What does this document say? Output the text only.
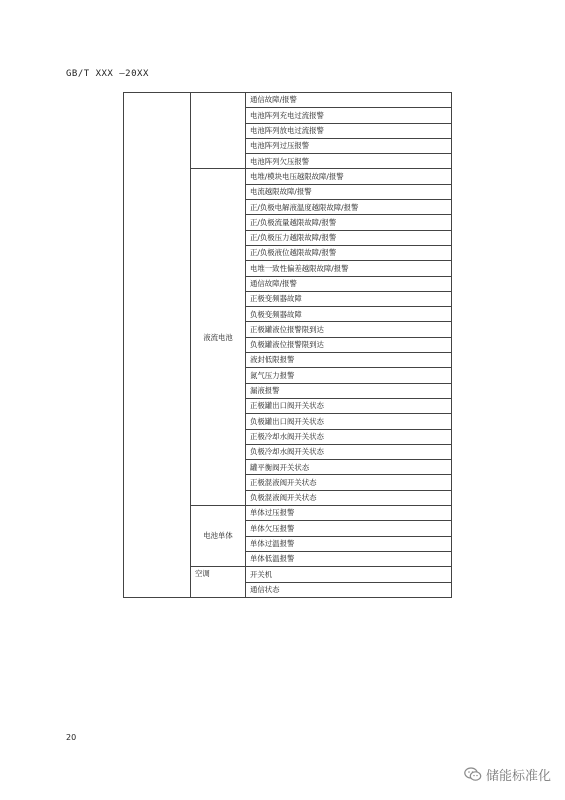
GB/T XXX —20XX
		通信故障/报警
		电池阵列充电过流报警
		电池阵列放电过流报警
		电池阵列过压报警
		电池阵列欠压报警
	液流电池	电堆/模块电压越限故障/报警
		电流越限故障/报警
		正/负极电解液温度越限故障/报警
		正/负极流量越限故障/报警
		正/负极压力越限故障/报警
		正/负极液位越限故障/报警
		电堆一致性偏差越限故障/报警
		通信故障/报警
		正极变频器故障
		负极变频器故障
		正极罐液位报警限到达
		负极罐液位报警限到达
		液封低限报警
		氮气压力报警
		漏液报警
		正极罐出口阀开关状态
		负极罐出口阀开关状态
		正极冷却水阀开关状态
		负极冷却水阀开关状态
		罐平衡阀开关状态
		正极混液阀开关状态
		负极混液阀开关状态
	电池单体	单体过压报警
		单体欠压报警
		单体过温报警
		单体低温报警
	空调	开关机
		通信状态
20
储能标准化
